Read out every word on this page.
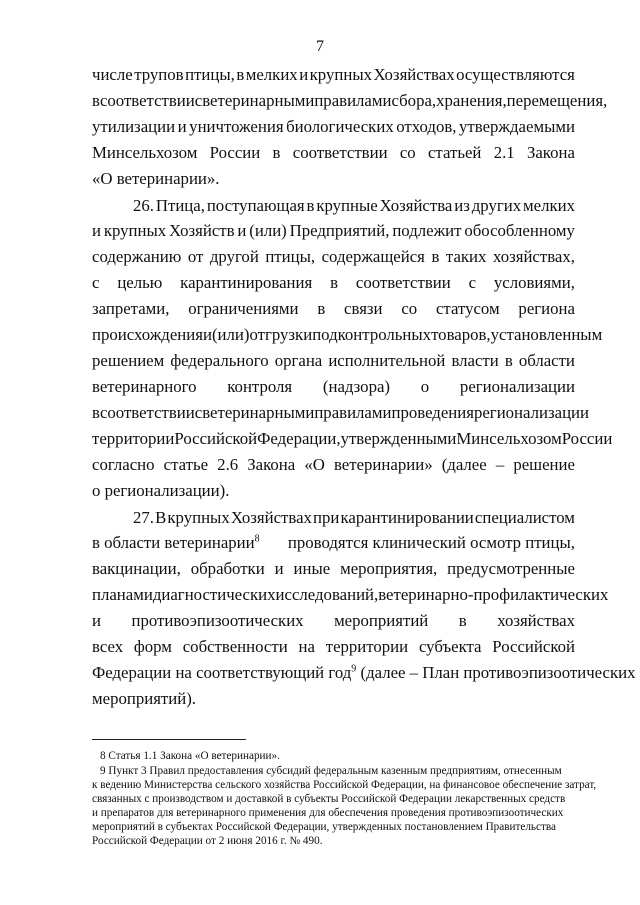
7
числе трупов птицы, в мелких и крупных Хозяйствах осуществляются
в соответствии с ветеринарными правилами сбора, хранения, перемещения,
утилизации и уничтожения биологических отходов, утверждаемыми
Минсельхозом России в соответствии со статьей 2.1 Закона
«О ветеринарии».
26. Птица, поступающая в крупные Хозяйства из других мелких
и крупных Хозяйств и (или) Предприятий, подлежит обособленному
содержанию от другой птицы, содержащейся в таких хозяйствах,
с целью карантинирования в соответствии с условиями,
запретами, ограничениями в связи со статусом региона
происхождения и (или) отгрузки подконтрольных товаров, установленным
решением федерального органа исполнительной власти в области
ветеринарного контроля (надзора) о регионализации
в соответствии с ветеринарными правилами проведения регионализации
территории Российской Федерации, утвержденными Минсельхозом России
согласно статье 2.6 Закона «О ветеринарии» (далее – решение
о регионализации).
27. В крупных Хозяйствах при карантинировании специалистом
в области ветеринарии$^8$ проводятся клинический осмотр птицы,
вакцинации, обработки и иные мероприятия, предусмотренные
планами диагностических исследований, ветеринарно-профилактических
и противоэпизоотических мероприятий в хозяйствах
всех форм собственности на территории субъекта Российской
Федерации на соответствующий год$^9$ (далее – План противоэпизоотических
мероприятий).
8 Статья 1.1 Закона «О ветеринарии».
9 Пункт 3 Правил предоставления субсидий федеральным казенным предприятиям, отнесенным
к ведению Министерства сельского хозяйства Российской Федерации, на финансовое обеспечение затрат,
связанных с производством и доставкой в субъекты Российской Федерации лекарственных средств
и препаратов для ветеринарного применения для обеспечения проведения противоэпизоотических
мероприятий в субъектах Российской Федерации, утвержденных постановлением Правительства
Российской Федерации от 2 июня 2016 г. № 490.
